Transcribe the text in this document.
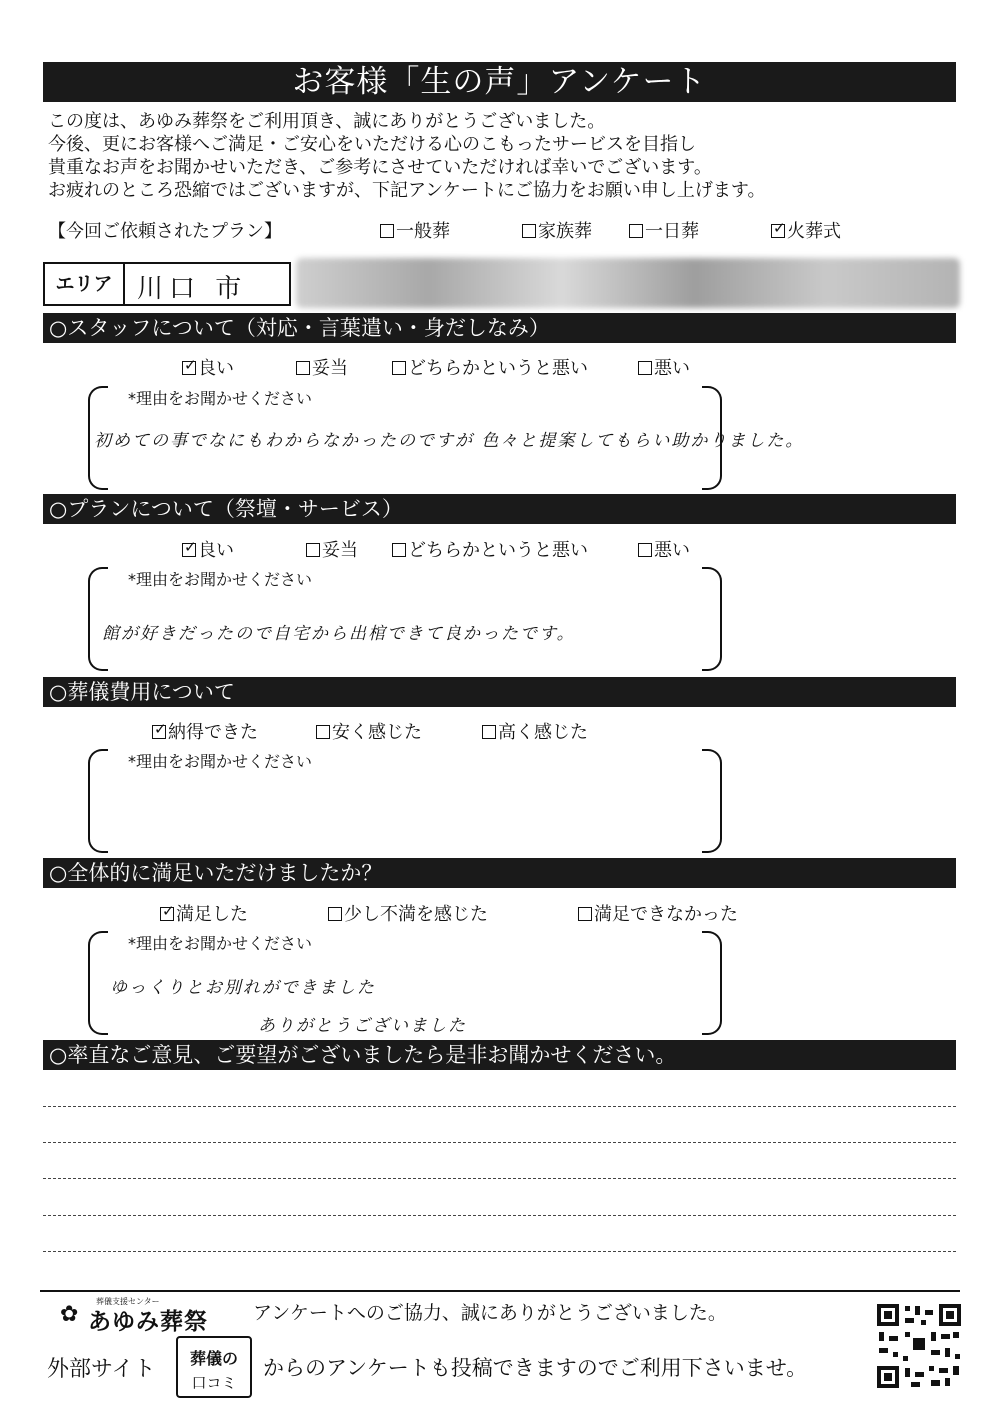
お客様「生の声」アンケート
この度は、あゆみ葬祭をご利用頂き、誠にありがとうございました。
今後、更にお客様へご満足・ご安心をいただける心のこもったサービスを目指し
貴重なお声をお聞かせいただき、ご参考にさせていただければ幸いでございます。
お疲れのところ恐縮ではございますが、下記アンケートにご協力をお願い申し上げます。
【今回ご依頼されたプラン】	一般葬	家族葬	一日葬
✓	火葬式
エリア 川口 市
○スタッフについて（対応・言葉遣い・身だしなみ）
✓良い	妥当	どちらかというと悪い	悪い
*理由をお聞かせください
初めての事でなにもわからなかったのですが 色々と提案してもらい助かりました。
○プランについて（祭壇・サービス）
✓良い	妥当	どちらかというと悪い	悪い
*理由をお聞かせください
館が好きだったので自宅から出棺できて良かったです。
○葬儀費用について
✓納得できた	安く感じた	高く感じた
*理由をお聞かせください
○全体的に満足いただけましたか？
✓満足した	少し不満を感じた	満足できなかった
*理由をお聞かせください
ゆっくりとお別れができました
ありがとうございました
○率直なご意見、ご要望がございましたら是非お聞かせください。
✿
葬儀支援センター
あゆみ葬祭 アンケートへのご協力、誠にありがとうございました。
外部サイト	葬儀の
口コミ
からのアンケートも投稿できますのでご利用下さいませ。
